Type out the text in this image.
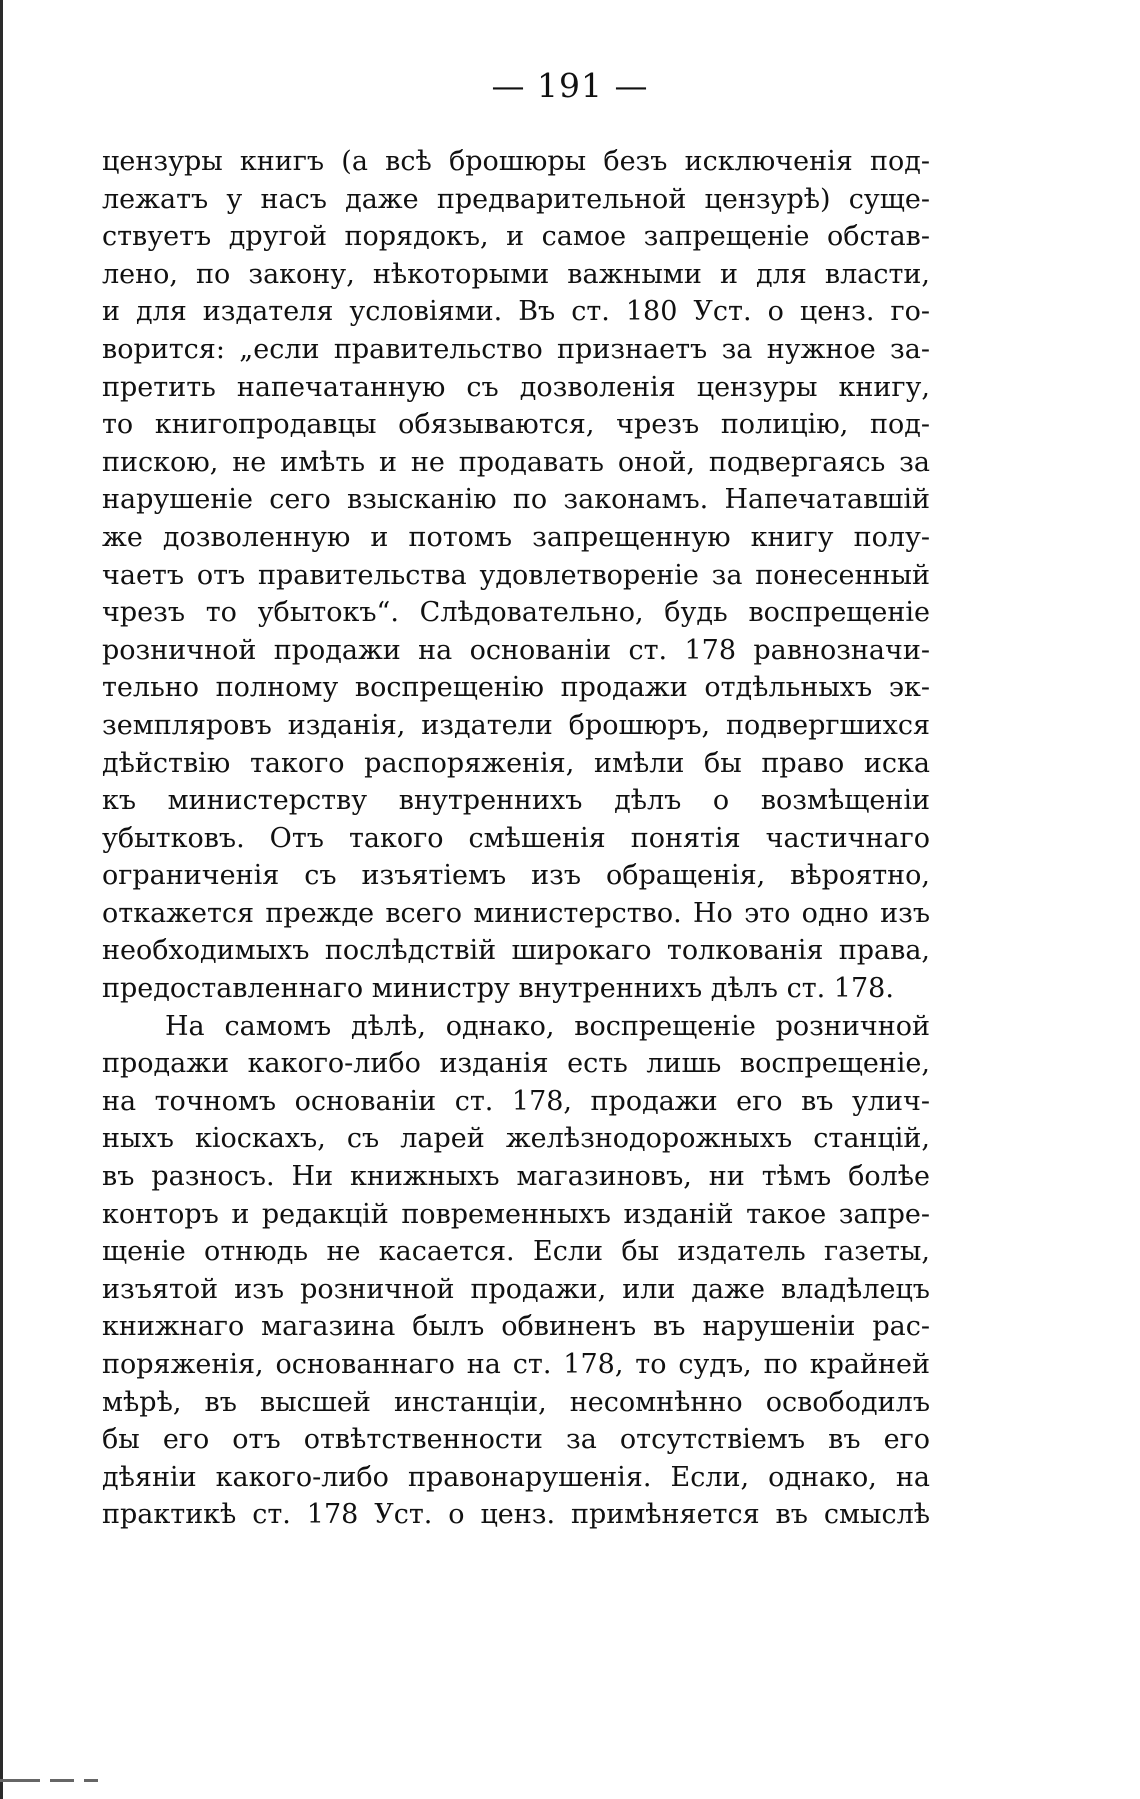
— 191 —
цензуры книгъ (а всѣ брошюры безъ исключенія под-
лежатъ у насъ даже предварительной цензурѣ) суще-
ствуетъ другой порядокъ, и самое запрещеніе обстав-
лено, по закону, нѣкоторыми важными и для власти,
и для издателя условіями. Въ ст. 180 Уст. о ценз. го-
ворится: „если правительство признаетъ за нужное за-
претить напечатанную съ дозволенія цензуры книгу,
то книгопродавцы обязываются, чрезъ полицію, под-
пискою, не имѣть и не продавать оной, подвергаясь за
нарушеніе сего взысканію по законамъ. Напечатавшій
же дозволенную и потомъ запрещенную книгу полу-
чаетъ отъ правительства удовлетвореніе за понесенный
чрезъ то убытокъ“. Слѣдовательно, будь воспрещеніе
розничной продажи на основаніи ст. 178 равнозначи-
тельно полному воспрещенію продажи отдѣльныхъ эк-
земпляровъ изданія, издатели брошюръ, подвергшихся
дѣйствію такого распоряженія, имѣли бы право иска
къ министерству внутреннихъ дѣлъ о возмѣщеніи
убытковъ. Отъ такого смѣшенія понятія частичнаго
ограниченія съ изъятіемъ изъ обращенія, вѣроятно,
откажется прежде всего министерство. Но это одно изъ
необходимыхъ послѣдствій широкаго толкованія права,
предоставленнаго министру внутреннихъ дѣлъ ст. 178.
На самомъ дѣлѣ, однако, воспрещеніе розничной
продажи какого-либо изданія есть лишь воспрещеніе,
на точномъ основаніи ст. 178, продажи его въ улич-
ныхъ кіоскахъ, съ ларей желѣзнодорожныхъ станцій,
въ разносъ. Ни книжныхъ магазиновъ, ни тѣмъ болѣе
конторъ и редакцій повременныхъ изданій такое запре-
щеніе отнюдь не касается. Если бы издатель газеты,
изъятой изъ розничной продажи, или даже владѣлецъ
книжнаго магазина былъ обвиненъ въ нарушеніи рас-
поряженія, основаннаго на ст. 178, то судъ, по крайней
мѣрѣ, въ высшей инстанціи, несомнѣнно освободилъ
бы его отъ отвѣтственности за отсутствіемъ въ его
дѣяніи какого-либо правонарушенія. Если, однако, на
практикѣ ст. 178 Уст. о ценз. примѣняется въ смыслѣ
